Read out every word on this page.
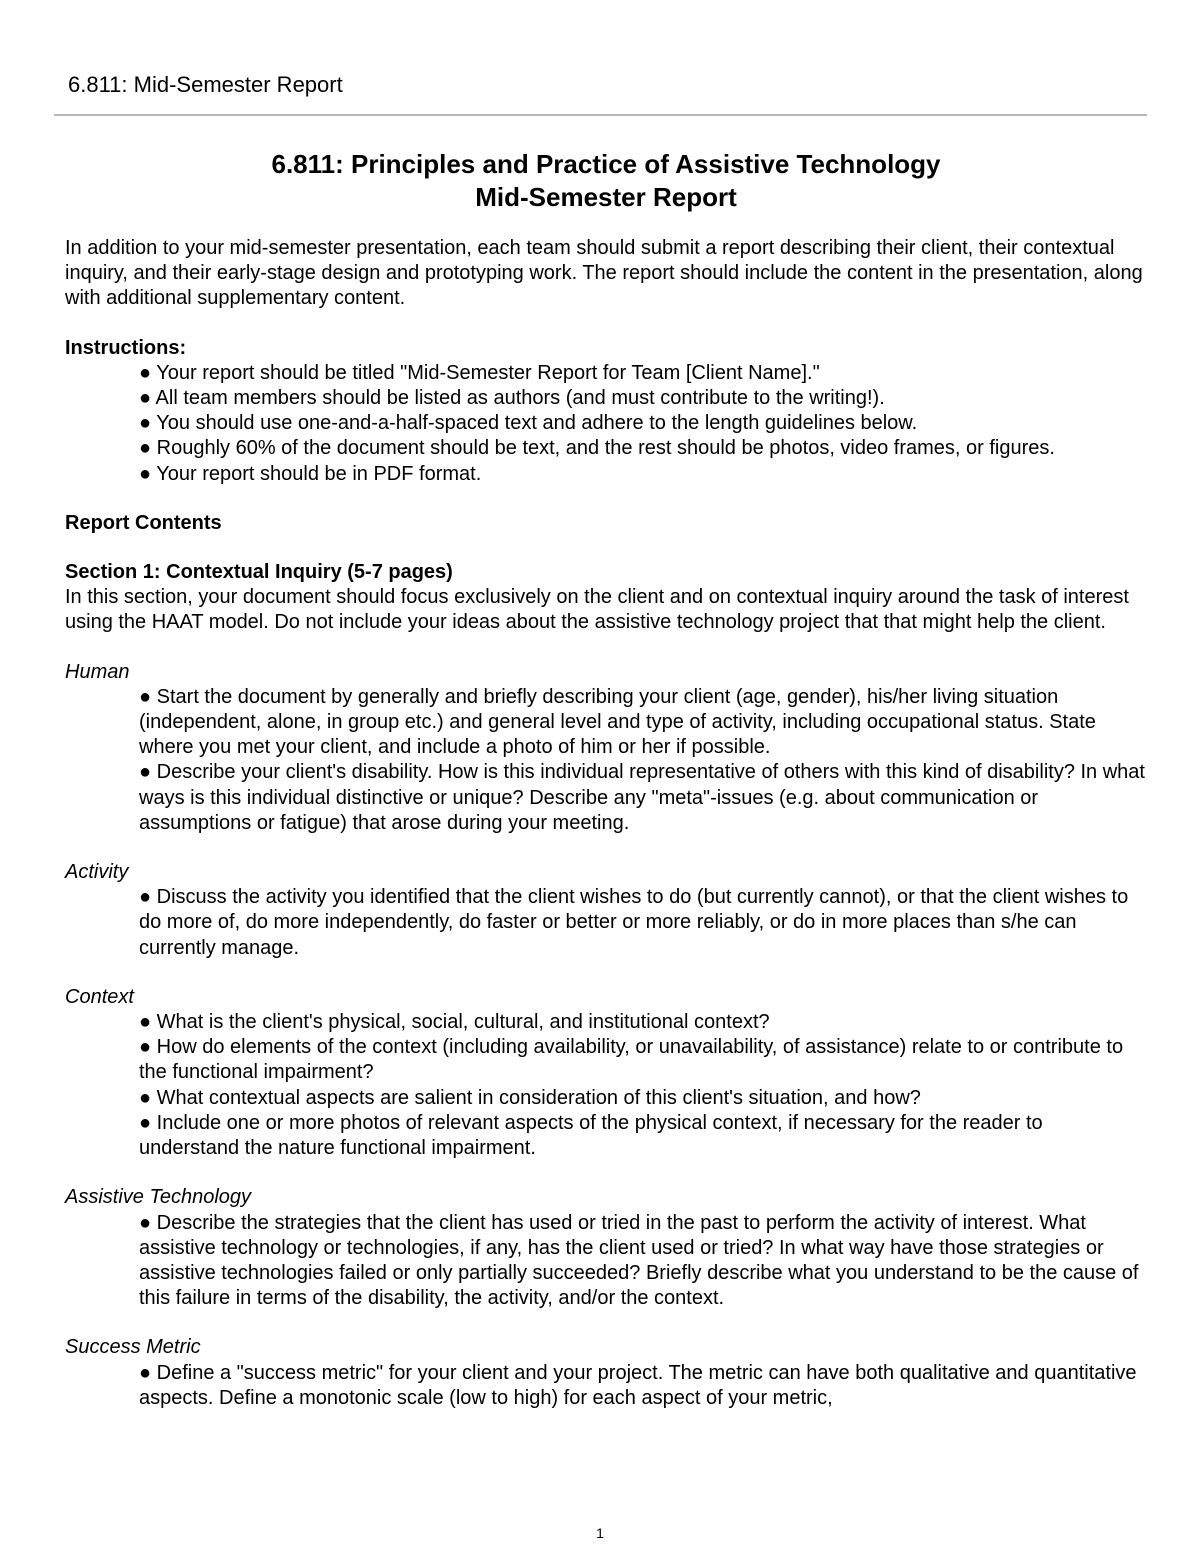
6.811: Mid-Semester Report
6.811: Principles and Practice of Assistive Technology
Mid-Semester Report

In addition to your mid-semester presentation, each team should submit a report describing their client, their contextual inquiry, and their early-stage design and prototyping work. The report should include the content in the presentation, along with additional supplementary content.

Instructions:

● Your report should be titled "Mid-Semester Report for Team [Client Name]."
● All team members should be listed as authors (and must contribute to the writing!).
● You should use one-and-a-half-spaced text and adhere to the length guidelines below.
● Roughly 60% of the document should be text, and the rest should be photos, video frames, or figures.
● Your report should be in PDF format.

Report Contents

Section 1: Contextual Inquiry (5-7 pages)

In this section, your document should focus exclusively on the client and on contextual inquiry around the task of interest using the HAAT model. Do not include your ideas about the assistive technology project that that might help the client.

Human

● Start the document by generally and briefly describing your client (age, gender), his/her living situation (independent, alone, in group etc.) and general level and type of activity, including occupational status. State where you met your client, and include a photo of him or her if possible.
● Describe your client's disability. How is this individual representative of others with this kind of disability? In what ways is this individual distinctive or unique? Describe any "meta"-issues (e.g. about communication or assumptions or fatigue) that arose during your meeting.

Activity

● Discuss the activity you identified that the client wishes to do (but currently cannot), or that the client wishes to do more of, do more independently, do faster or better or more reliably, or do in more places than s/he can currently manage.

Context

● What is the client's physical, social, cultural, and institutional context?
● How do elements of the context (including availability, or unavailability, of assistance) relate to or contribute to the functional impairment?
● What contextual aspects are salient in consideration of this client's situation, and how?
● Include one or more photos of relevant aspects of the physical context, if necessary for the reader to understand the nature functional impairment.

Assistive Technology

● Describe the strategies that the client has used or tried in the past to perform the activity of interest. What assistive technology or technologies, if any, has the client used or tried? In what way have those strategies or assistive technologies failed or only partially succeeded? Briefly describe what you understand to be the cause of this failure in terms of the disability, the activity, and/or the context.

Success Metric

● Define a "success metric" for your client and your project. The metric can have both qualitative and quantitative aspects. Define a monotonic scale (low to high) for each aspect of your metric,
1
